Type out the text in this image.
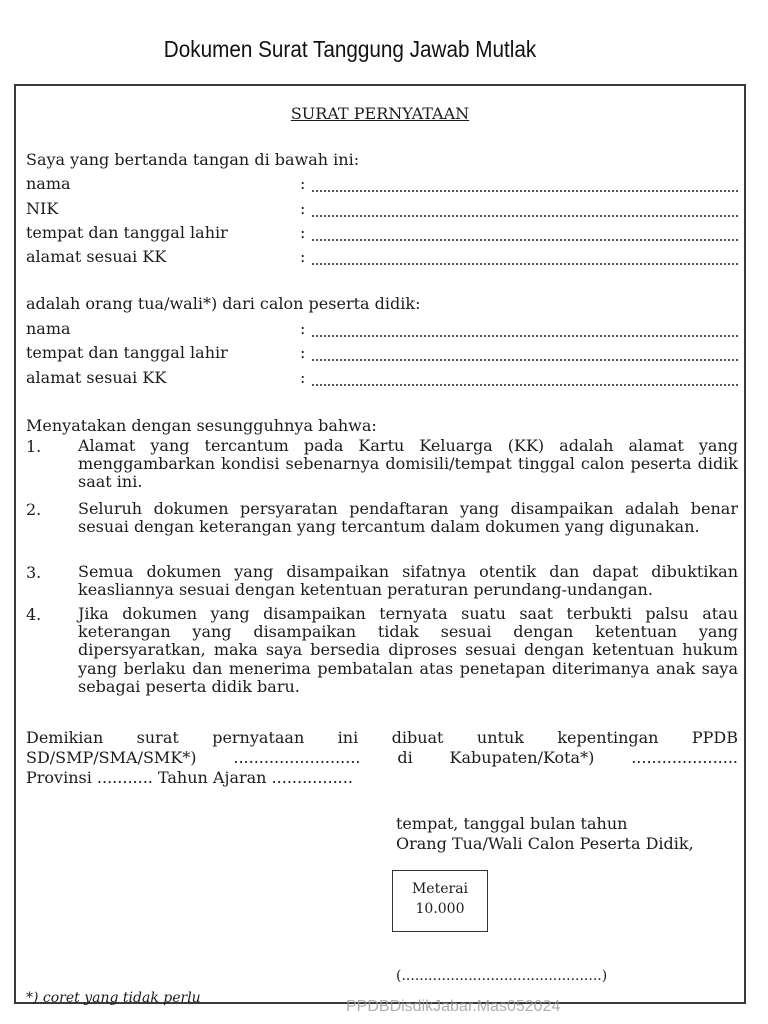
Dokumen Surat Tanggung Jawab Mutlak
SURAT PERNYATAAN
Saya yang bertanda tangan di bawah ini:
nama	:
NIK	:
tempat dan tanggal lahir	:
alamat sesuai KK	:
adalah orang tua/wali*) dari calon peserta didik:
nama	:
tempat dan tanggal lahir	:
alamat sesuai KK	:
Menyatakan dengan sesungguhnya bahwa:
1. Alamat yang tercantum pada Kartu Keluarga (KK) adalah alamat yang menggambarkan kondisi sebenarnya domisili/tempat tinggal calon peserta didik saat ini.
2. Seluruh dokumen persyaratan pendaftaran yang disampaikan adalah benar sesuai dengan keterangan yang tercantum dalam dokumen yang digunakan.
3. Semua dokumen yang disampaikan sifatnya otentik dan dapat dibuktikan keasliannya sesuai dengan ketentuan peraturan perundang-undangan.
4. Jika dokumen yang disampaikan ternyata suatu saat terbukti palsu atau keterangan yang disampaikan tidak sesuai dengan ketentuan yang dipersyaratkan, maka saya bersedia diproses sesuai dengan ketentuan hukum yang berlaku dan menerima pembatalan atas penetapan diterimanya anak saya sebagai peserta didik baru.
Demikian surat pernyataan ini dibuat untuk kepentingan PPDB
SD/SMP/SMA/SMK*) ......................... di Kabupaten/Kota*) .....................
Provinsi ........... Tahun Ajaran ................
tempat, tanggal bulan tahun
Orang Tua/Wali Calon Peserta Didik,
Meterai
10.000
(.............................................)
*) coret yang tidak perlu	PPDBDisdikJabar.Mas052024
